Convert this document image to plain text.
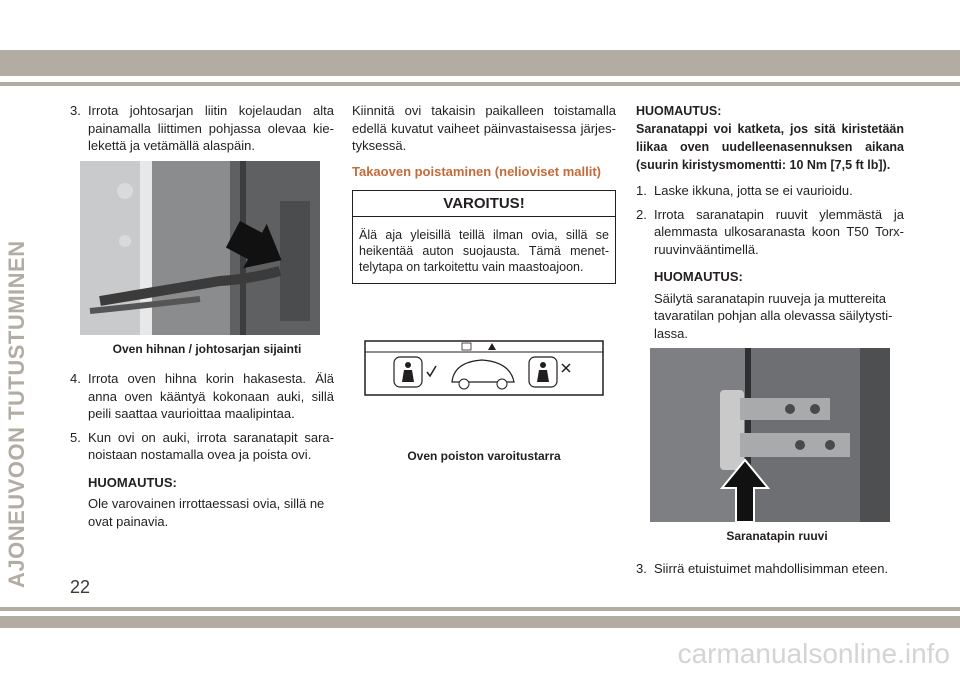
AJONEUVOON TUTUSTUMINEN
3. Irrota johtosarjan liitin kojelaudan alta painamalla liittimen pohjassa olevaa kielekettä ja vetämällä alaspäin.
Oven hihnan / johtosarjan sijainti
4. Irrota oven hihna korin hakasesta. Älä anna oven kääntyä kokonaan auki, sillä peili saattaa vaurioittaa maalipintaa.
5. Kun ovi on auki, irrota saranatapit saranoistaan nostamalla ovea ja poista ovi.
HUOMAUTUS:
Ole varovainen irrottaessasi ovia, sillä ne ovat painavia.
Kiinnitä ovi takaisin paikalleen toistamalla edellä kuvatut vaiheet päinvastaisessa järjestyksessä.
Takaoven poistaminen (nelioviset mallit)
VAROITUS!
Älä aja yleisillä teillä ilman ovia, sillä se heikentää auton suojausta. Tämä menettelytapa on tarkoitettu vain maastoajoon.
Oven poiston varoitustarra
HUOMAUTUS:
Saranatappi voi katketa, jos sitä kiristetään liikaa oven uudelleenasennuksen aikana (suurin kiristysmomentti: 10 Nm [7,5 ft lb]).
1. Laske ikkuna, jotta se ei vaurioidu.
2. Irrota saranatapin ruuvit ylemmästä ja alemmasta ulkosaranasta koon T50 Torx-ruuvinvääntimellä.
HUOMAUTUS:
Säilytä saranatapin ruuveja ja muttereita tavaratilan pohjan alla olevassa säilytystilassa.
Saranatapin ruuvi
3. Siirrä etuistuimet mahdollisimman eteen.
22
carmanualsonline.info
